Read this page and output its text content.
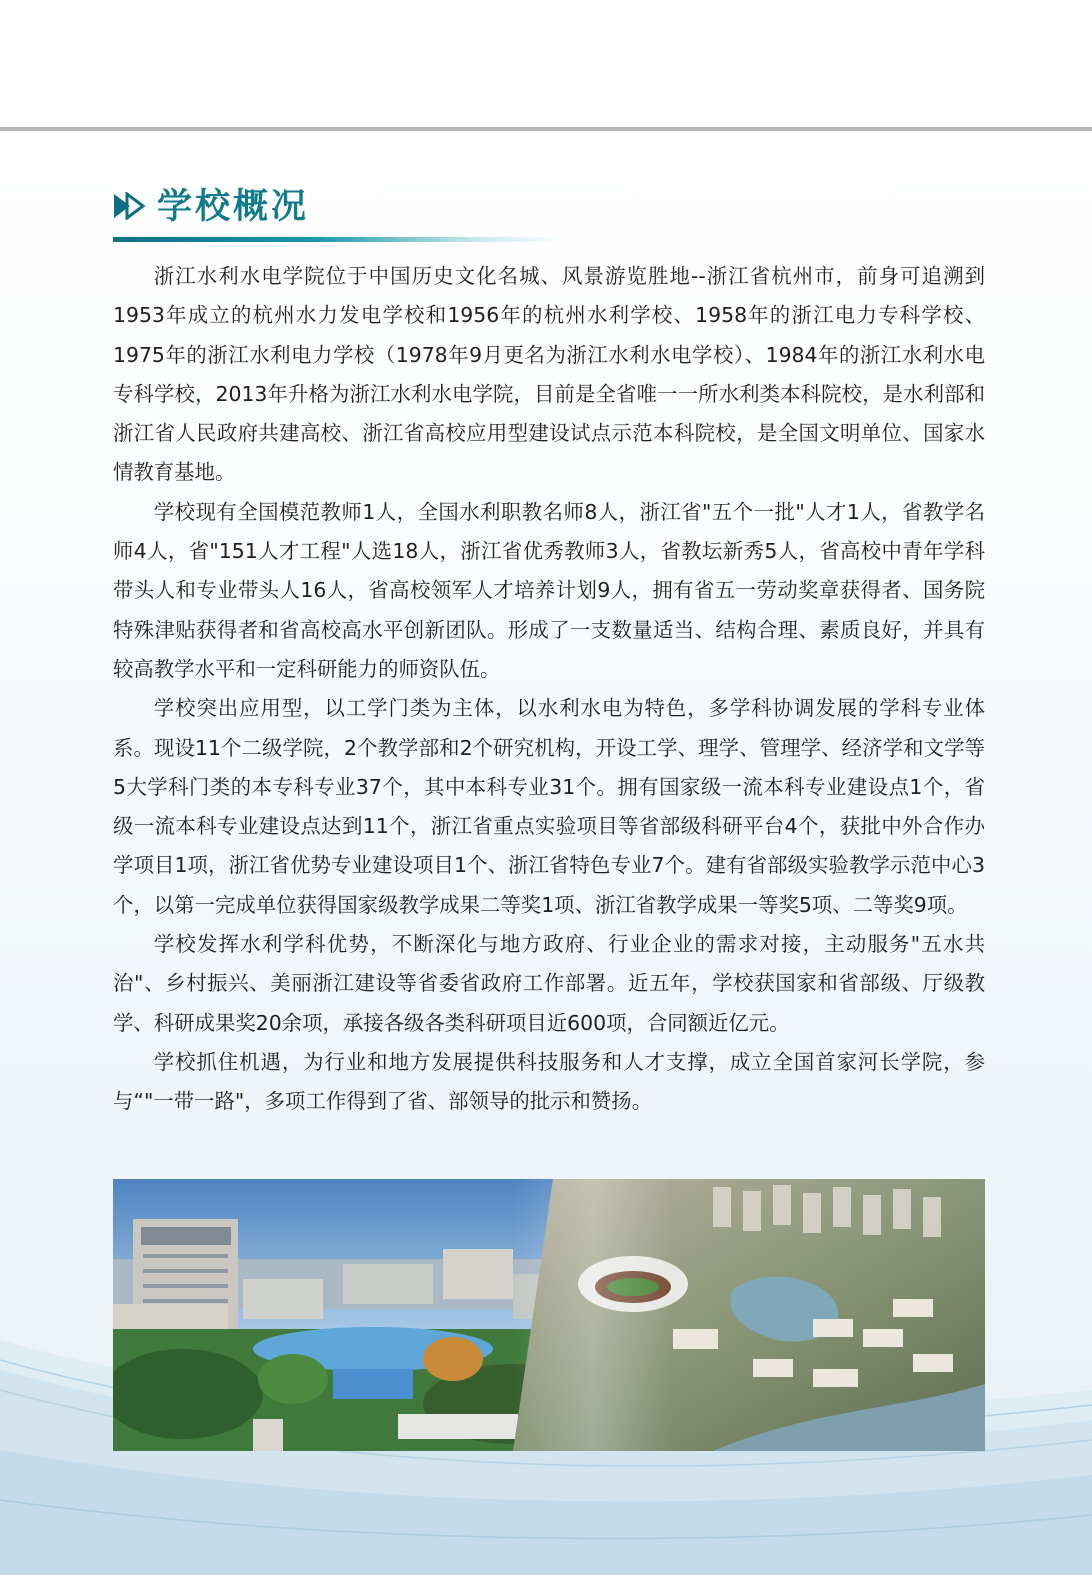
学校概况

浙江水利水电学院位于中国历史文化名城、风景游览胜地--浙江省杭州市，前身可追溯到1953年成立的杭州水力发电学校和1956年的杭州水利学校、1958年的浙江电力专科学校、1975年的浙江水利电力学校（1978年9月更名为浙江水利水电学校）、1984年的浙江水利水电专科学校，2013年升格为浙江水利水电学院，目前是全省唯一一所水利类本科院校，是水利部和浙江省人民政府共建高校、浙江省高校应用型建设试点示范本科院校，是全国文明单位、国家水情教育基地。

学校现有全国模范教师1人，全国水利职教名师8人，浙江省"五个一批"人才1人，省教学名师4人，省"151人才工程"人选18人，浙江省优秀教师3人，省教坛新秀5人，省高校中青年学科带头人和专业带头人16人，省高校领军人才培养计划9人，拥有省五一劳动奖章获得者、国务院特殊津贴获得者和省高校高水平创新团队。形成了一支数量适当、结构合理、素质良好，并具有较高教学水平和一定科研能力的师资队伍。

学校突出应用型，以工学门类为主体，以水利水电为特色，多学科协调发展的学科专业体系。现设11个二级学院，2个教学部和2个研究机构，开设工学、理学、管理学、经济学和文学等5大学科门类的本专科专业37个，其中本科专业31个。拥有国家级一流本科专业建设点1个，省级一流本科专业建设点达到11个，浙江省重点实验项目等省部级科研平台4个，获批中外合作办学项目1项，浙江省优势专业建设项目1个、浙江省特色专业7个。建有省部级实验教学示范中心3个，以第一完成单位获得国家级教学成果二等奖1项、浙江省教学成果一等奖5项、二等奖9项。

学校发挥水利学科优势，不断深化与地方政府、行业企业的需求对接，主动服务"五水共治"、乡村振兴、美丽浙江建设等省委省政府工作部署。近五年，学校获国家和省部级、厅级教学、科研成果奖20余项，承接各级各类科研项目近600项，合同额近亿元。

学校抓住机遇，为行业和地方发展提供科技服务和人才支撑，成立全国首家河长学院，参与“"一带一路"，多项工作得到了省、部领导的批示和赞扬。
